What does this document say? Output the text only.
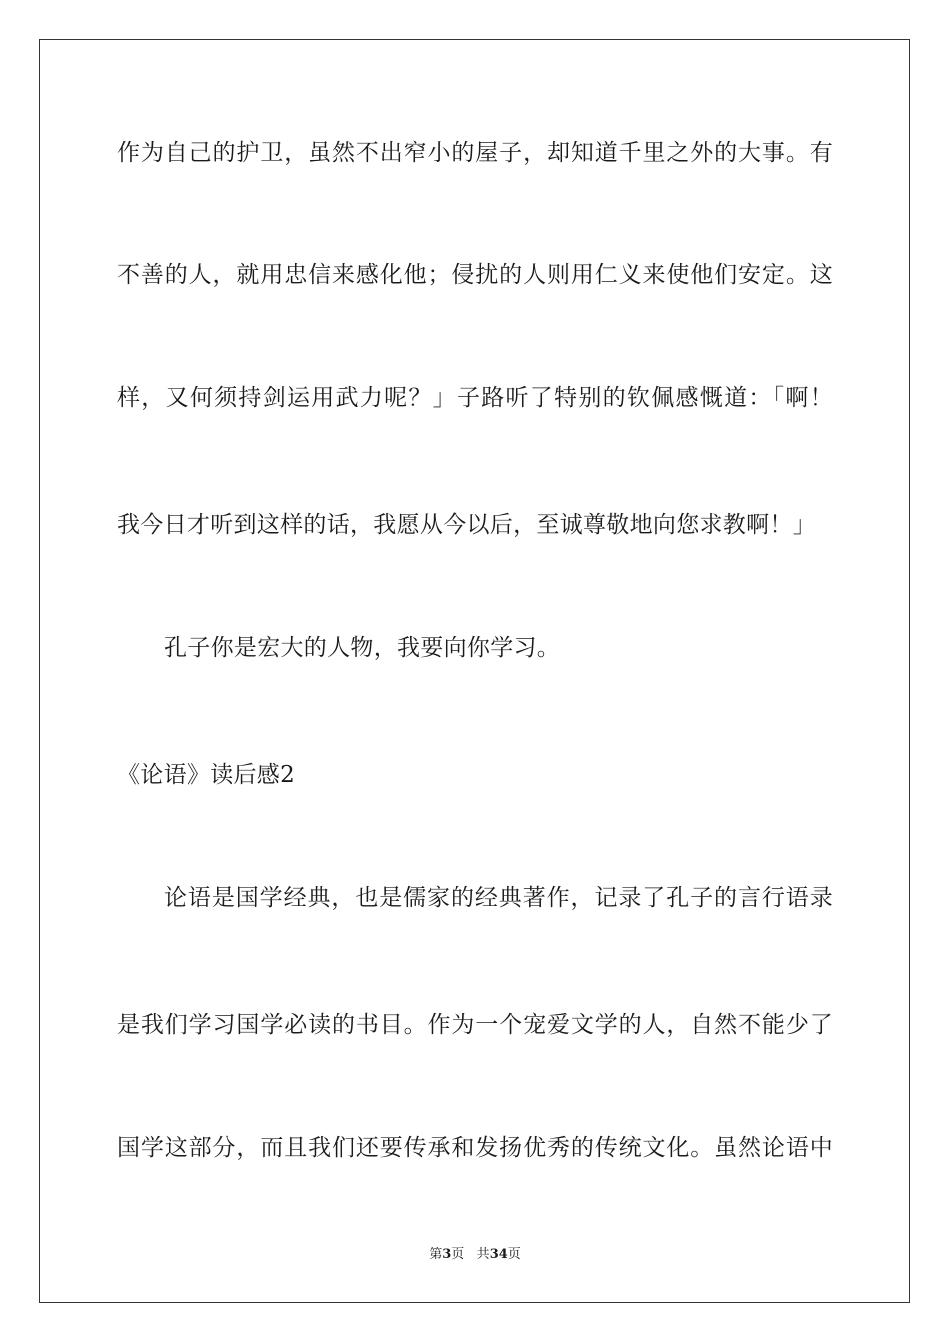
作为自己的护卫，虽然不出窄小的屋子，却知道千里之外的大事。有
不善的人，就用忠信来感化他；侵扰的人则用仁义来使他们安定。这
样，又何须持剑运用武力呢？」子路听了特别的钦佩感慨道：「啊！
我今日才听到这样的话，我愿从今以后，至诚尊敬地向您求教啊！」
孔子你是宏大的人物，我要向你学习。
《论语》读后感2
论语是国学经典，也是儒家的经典著作，记录了孔子的言行语录
是我们学习国学必读的书目。作为一个宠爱文学的人，自然不能少了
国学这部分，而且我们还要传承和发扬优秀的传统文化。虽然论语中
第3页 共34页
